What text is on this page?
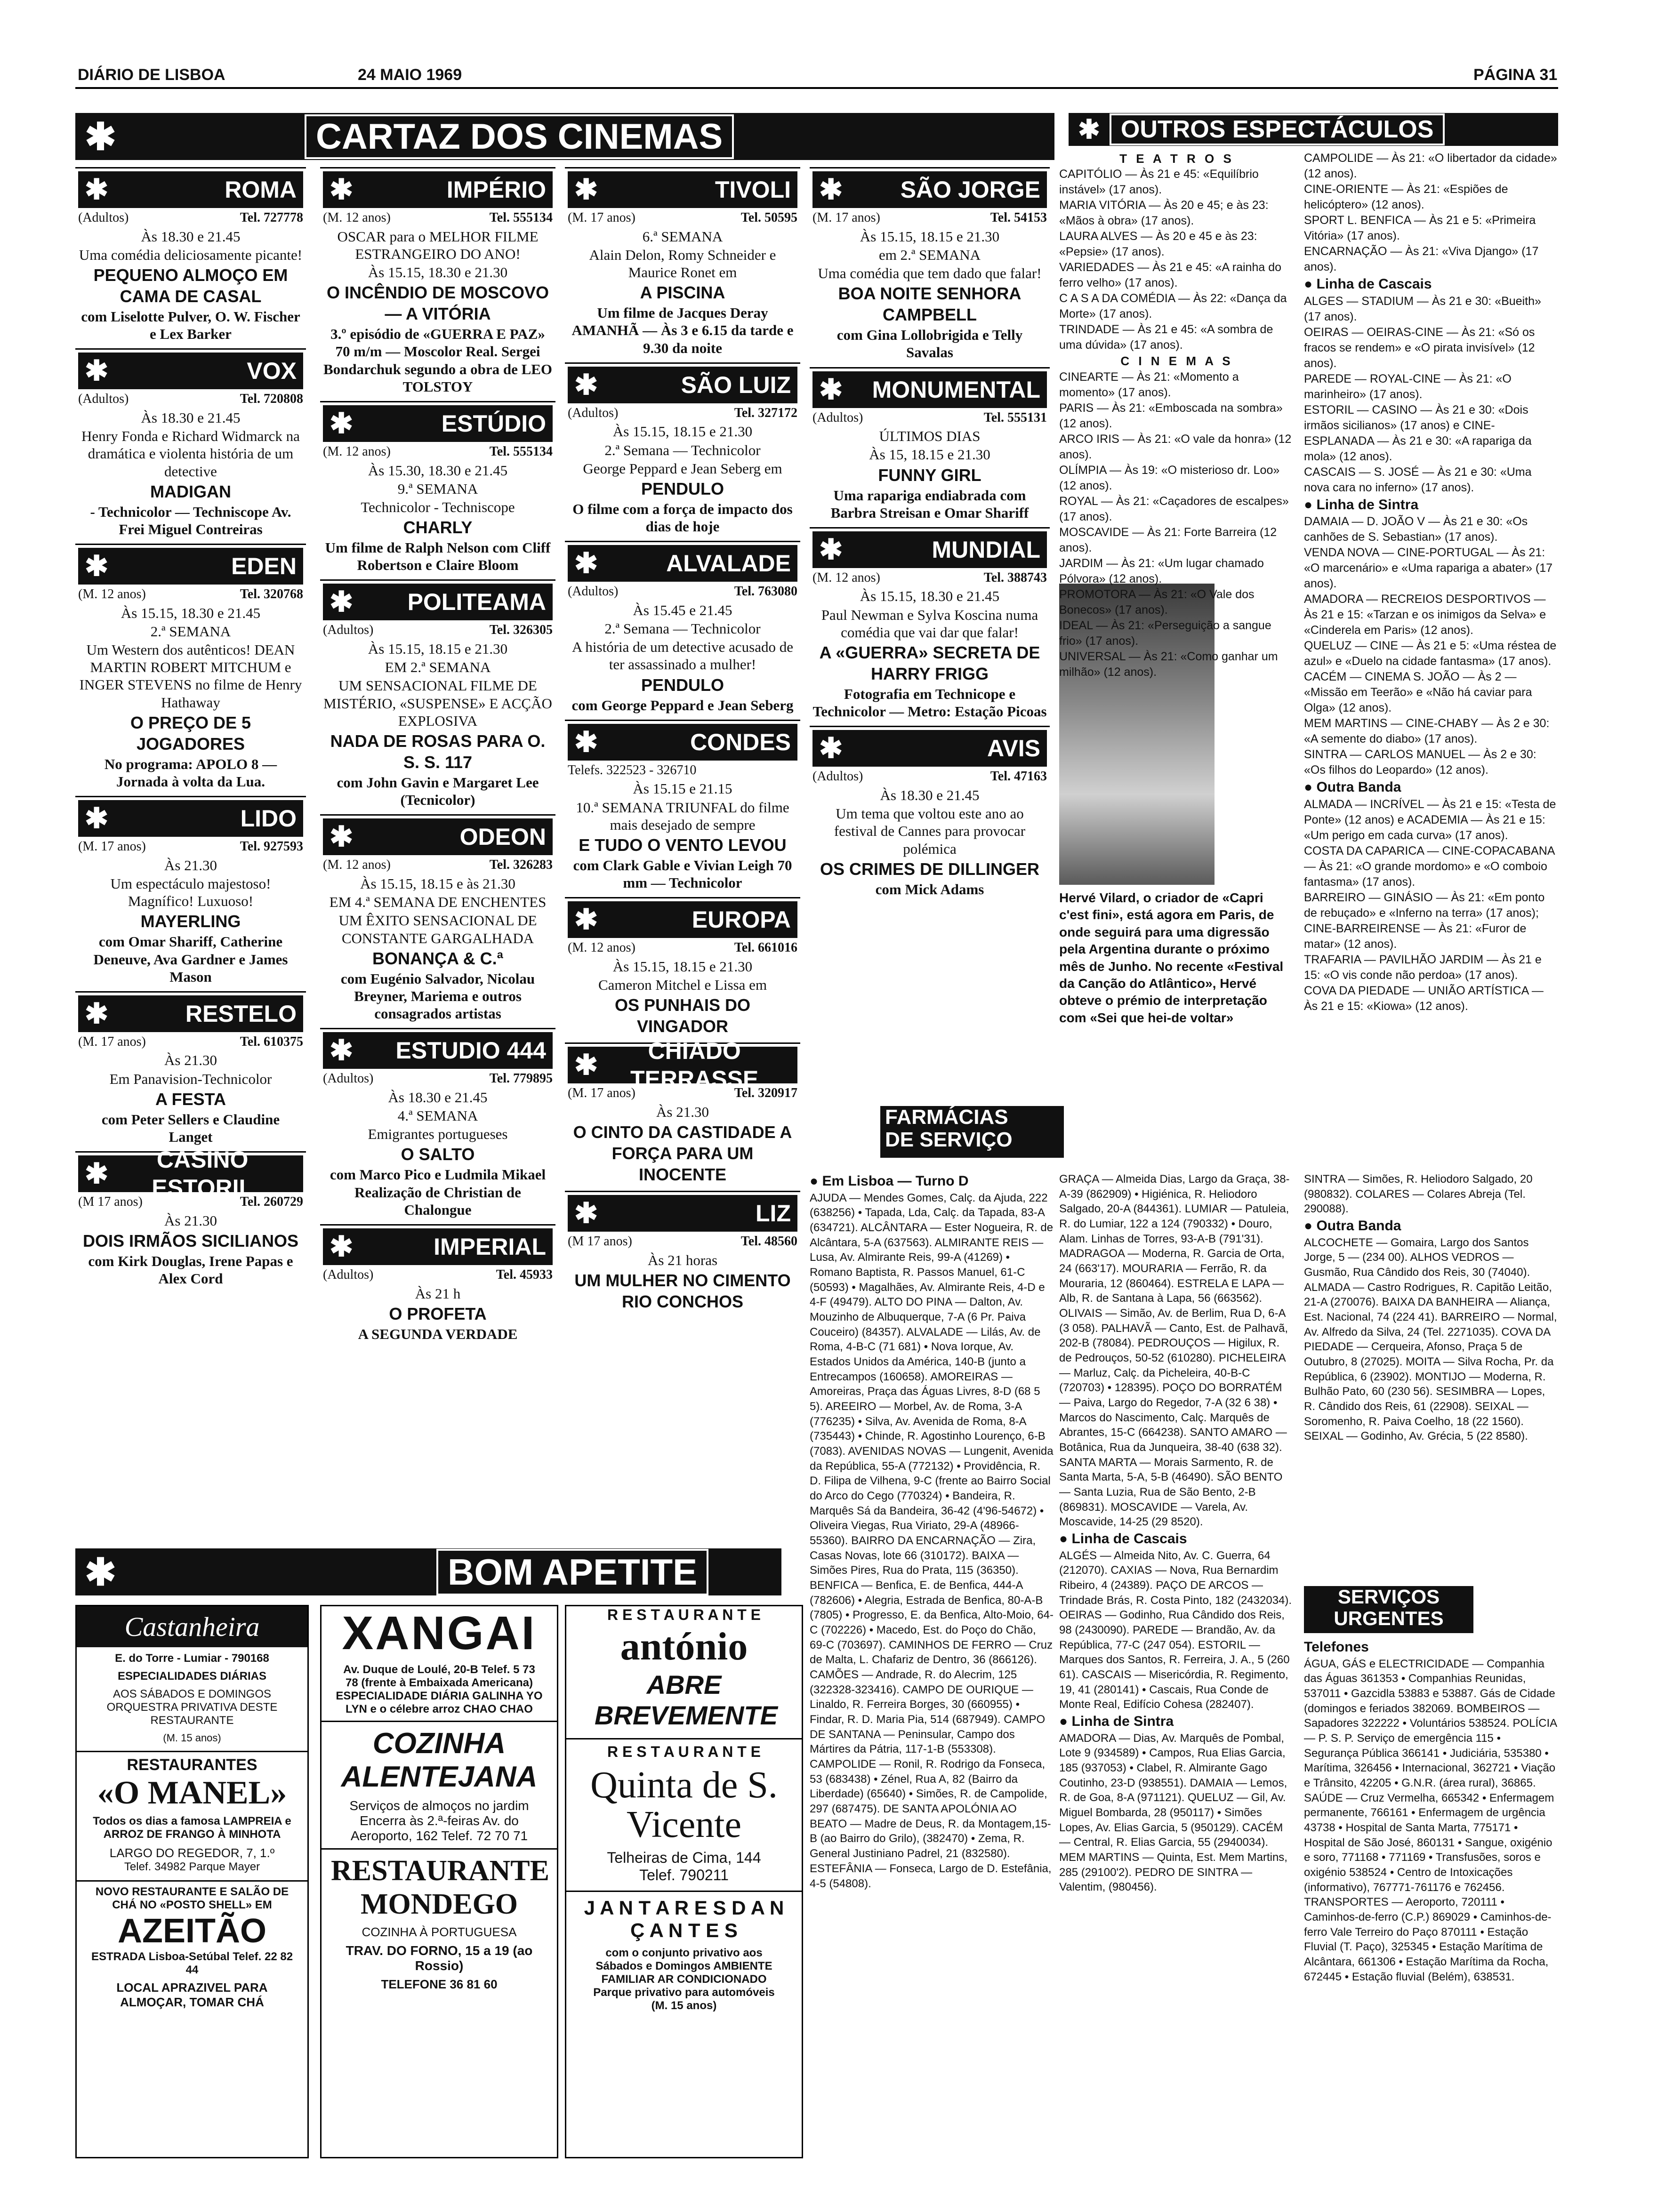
DIÁRIO DE LISBOA	24 MAIO 1969	PÁGINA 31
✱	CARTAZ DOS CINEMAS	✱ OUTROS ESPECTÁCULOS
✱	ROMA
(Adultos)	Tel. 727778
Às 18.30 e 21.45
Uma comédia deliciosamente picante!
PEQUENO ALMOÇO EM CAMA DE CASAL
com Liselotte Pulver, O. W. Fischer e Lex Barker
✱	VOX
(Adultos)	Tel. 720808
Às 18.30 e 21.45
Henry Fonda e Richard Widmarck na dramática e violenta história de um detective
MADIGAN
- Technicolor — Techniscope Av. Frei Miguel Contreiras
✱	EDEN
(M. 12 anos)	Tel. 320768
Às 15.15, 18.30 e 21.45
2.ª SEMANA
Um Western dos autênticos! DEAN MARTIN ROBERT MITCHUM e INGER STEVENS no filme de Henry Hathaway
O PREÇO DE 5 JOGADORES
No programa: APOLO 8 — Jornada à volta da Lua.
✱	LIDO
(M. 17 anos)	Tel. 927593
Às 21.30
Um espectáculo majestoso! Magnífico! Luxuoso!
MAYERLING
com Omar Shariff, Catherine Deneuve, Ava Gardner e James Mason
✱	RESTELO
(M. 17 anos)	Tel. 610375
Às 21.30
Em Panavision-Technicolor
A FESTA
com Peter Sellers e Claudine Langet
✱	CASINO ESTORIL
(M 17 anos)	Tel. 260729
Às 21.30
DOIS IRMÃOS SICILIANOS
com Kirk Douglas, Irene Papas e Alex Cord
✱	IMPÉRIO
(M. 12 anos)	Tel. 555134
OSCAR para o MELHOR FILME ESTRANGEIRO DO ANO!
Às 15.15, 18.30 e 21.30
O INCÊNDIO DE MOSCOVO — A VITÓRIA
3.º episódio de «GUERRA E PAZ» 70 m/m — Moscolor Real. Sergei Bondarchuk segundo a obra de LEO TOLSTOY
✱	ESTÚDIO
(M. 12 anos)	Tel. 555134
Às 15.30, 18.30 e 21.45
9.ª SEMANA
Technicolor - Techniscope
CHARLY
Um filme de Ralph Nelson com Cliff Robertson e Claire Bloom
✱ POLITEAMA
(Adultos)	Tel. 326305
Às 15.15, 18.15 e 21.30
EM 2.ª SEMANA
UM SENSACIONAL FILME DE MISTÉRIO, «SUSPENSE» E ACÇÃO EXPLOSIVA
NADA DE ROSAS PARA O. S. S. 117
com John Gavin e Margaret Lee (Tecnicolor)
✱	ODEON
(M. 12 anos)	Tel. 326283
Às 15.15, 18.15 e às 21.30
EM 4.ª SEMANA DE ENCHENTES
UM ÊXITO SENSACIONAL DE CONSTANTE GARGALHADA
BONANÇA & C.ª
com Eugénio Salvador, Nicolau Breyner, Mariema e outros consagrados artistas
✱ ESTUDIO 444
(Adultos)	Tel. 779895
Às 18.30 e 21.45
4.ª SEMANA
Emigrantes portugueses
O SALTO
com Marco Pico e Ludmila Mikael Realização de Christian de Chalongue
✱	IMPERIAL
(Adultos)	Tel. 45933
Às 21 h
O PROFETA
A SEGUNDA VERDADE
✱	TIVOLI
(M. 17 anos)	Tel. 50595
6.ª SEMANA
Alain Delon, Romy Schneider e Maurice Ronet em
A PISCINA
Um filme de Jacques Deray AMANHÃ — Às 3 e 6.15 da tarde e 9.30 da noite
✱	SÃO LUIZ
(Adultos)	Tel. 327172
Às 15.15, 18.15 e 21.30
2.ª Semana — Technicolor
George Peppard e Jean Seberg em
PENDULO
O filme com a força de impacto dos dias de hoje
✱	ALVALADE
(Adultos)	Tel. 763080
Às 15.45 e 21.45
2.ª Semana — Technicolor
A história de um detective acusado de ter assassinado a mulher!
PENDULO
com George Peppard e Jean Seberg
✱	CONDES
Telefs. 322523 - 326710
Às 15.15 e 21.15
10.ª SEMANA TRIUNFAL do filme mais desejado de sempre
E TUDO O VENTO LEVOU
com Clark Gable e Vivian Leigh 70 mm — Technicolor
✱	EUROPA
(M. 12 anos)	Tel. 661016
Às 15.15, 18.15 e 21.30
Cameron Mitchel e Lissa em
OS PUNHAIS DO VINGADOR
✱	CHIADO TERRASSE
(M. 17 anos)	Tel. 320917
Às 21.30
O CINTO DA CASTIDADE A FORÇA PARA UM INOCENTE
✱	LIZ
(M 17 anos)	Tel. 48560
Às 21 horas
UM MULHER NO CIMENTO RIO CONCHOS
✱ SÃO JORGE
(M. 17 anos)	Tel. 54153
Às 15.15, 18.15 e 21.30
em 2.ª SEMANA
Uma comédia que tem dado que falar!
BOA NOITE SENHORA CAMPBELL
com Gina Lollobrigida e Telly Savalas
✱ MONUMENTAL
(Adultos)	Tel. 555131
ÚLTIMOS DIAS
Às 15, 18.15 e 21.30
FUNNY GIRL
Uma rapariga endiabrada com Barbra Streisan e Omar Shariff
✱	MUNDIAL
(M. 12 anos)	Tel. 388743
Às 15.15, 18.30 e 21.45
Paul Newman e Sylva Koscina numa comédia que vai dar que falar!
A «GUERRA» SECRETA DE HARRY FRIGG
Fotografia em Technicope e Technicolor — Metro: Estação Picoas
✱	AVIS
(Adultos)	Tel. 47163
Às 18.30 e 21.45
Um tema que voltou este ano ao festival de Cannes para provocar polémica
OS CRIMES DE DILLINGER
com Mick Adams

T E A T R O S

CAPITÓLIO — Às 21 e 45: «Equilíbrio instável» (17 anos).

MARIA VITÓRIA — Às 20 e 45; e às 23: «Mãos à obra» (17 anos).

LAURA ALVES — Às 20 e 45 e às 23: «Pepsie» (17 anos).

VARIEDADES — Às 21 e 45: «A rainha do ferro velho» (17 anos).

C A S A DA COMÉDIA — Às 22: «Dança da Morte» (17 anos).

TRINDADE — Às 21 e 45: «A sombra de uma dúvida» (17 anos).

C I N E M A S

CINEARTE — Às 21: «Momento a momento» (17 anos).

PARIS — Às 21: «Emboscada na sombra» (12 anos).

ARCO IRIS — Às 21: «O vale da honra» (12 anos).

OLÍMPIA — Às 19: «O misterioso dr. Loo» (12 anos).

ROYAL — Às 21: «Caçadores de escalpes» (17 anos).

MOSCAVIDE — Às 21: Forte Barreira (12 anos).

JARDIM — Às 21: «Um lugar chamado Pólvora» (12 anos).

PROMOTORA — Às 21: «O Vale dos Bonecos» (17 anos).

IDEAL — Às 21: «Perseguição a sangue frio» (17 anos).

UNIVERSAL — Às 21: «Como ganhar um milhão» (12 anos).

CAMPOLIDE — Às 21: «O libertador da cidade» (12 anos).

CINE-ORIENTE — Às 21: «Espiões de helicóptero» (12 anos).

SPORT L. BENFICA — Às 21 e 5: «Primeira Vitória» (17 anos).

ENCARNAÇÃO — Às 21: «Viva Django» (17 anos).

● Linha de Cascais

ALGES — STADIUM — Às 21 e 30: «Bueith» (17 anos).

OEIRAS — OEIRAS-CINE — Às 21: «Só os fracos se rendem» e «O pirata invisível» (12 anos).

PAREDE — ROYAL-CINE — Às 21: «O marinheiro» (17 anos).

ESTORIL — CASINO — Às 21 e 30: «Dois irmãos sicilianos» (17 anos) e CINE-ESPLANADA — Às 21 e 30: «A rapariga da mola» (12 anos).

CASCAIS — S. JOSÉ — Às 21 e 30: «Uma nova cara no inferno» (17 anos).

● Linha de Sintra

DAMAIA — D. JOÃO V — Às 21 e 30: «Os canhões de S. Sebastian» (17 anos).

VENDA NOVA — CINE-PORTUGAL — Às 21: «O marcenário» e «Uma rapariga a abater» (17 anos).

AMADORA — RECREIOS DESPORTIVOS — Às 21 e 15: «Tarzan e os inimigos da Selva» e «Cinderela em Paris» (12 anos).

QUELUZ — CINE — Às 21 e 5: «Uma réstea de azul» e «Duelo na cidade fantasma» (17 anos).

CACÉM — CINEMA S. JOÃO — Às 2 — «Missão em Teerão» e «Não há caviar para Olga» (12 anos).

MEM MARTINS — CINE-CHABY — Às 2 e 30: «A semente do diabo» (17 anos).

SINTRA — CARLOS MANUEL — Às 2 e 30: «Os filhos do Leopardo» (12 anos).

● Outra Banda

ALMADA — INCRÍVEL — Às 21 e 15: «Testa de Ponte» (12 anos) e ACADEMIA — Às 21 e 15: «Um perigo em cada curva» (17 anos).

COSTA DA CAPARICA — CINE-COPACABANA — Às 21: «O grande mordomo» e «O comboio fantasma» (17 anos).

BARREIRO — GINÁSIO — Às 21: «Em ponto de rebuçado» e «Inferno na terra» (17 anos); CINE-BARREIRENSE — Às 21: «Furor de matar» (12 anos).

TRAFARIA — PAVILHÃO JARDIM — Às 21 e 15: «O vis conde não perdoa» (17 anos).

COVA DA PIEDADE — UNIÃO ARTÍSTICA — Às 21 e 15: «Kiowa» (12 anos).

Hervé Vilard, o criador de «Capri c'est fini», está agora em Paris, de onde seguirá para uma digressão pela Argentina durante o próximo mês de Junho. No recente «Festival da Canção do Atlântico», Hervé obteve o prémio de interpretação com «Sei que hei-de voltar»
FARMÁCIAS
DE SERVIÇO

● Em Lisboa — Turno D

AJUDA — Mendes Gomes, Calç. da Ajuda, 222 (638256) • Tapada, Lda, Calç. da Tapada, 83-A (634721). ALCÂNTARA — Ester Nogueira, R. de Alcântara, 5-A (637563). ALMIRANTE REIS — Lusa, Av. Almirante Reis, 99-A (41269) • Romano Baptista, R. Passos Manuel, 61-C (50593) • Magalhães, Av. Almirante Reis, 4-D e 4-F (49479). ALTO DO PINA — Dalton, Av. Mouzinho de Albuquerque, 7-A (6 Pr. Paiva Couceiro) (84357). ALVALADE — Lilás, Av. de Roma, 4-B-C (71 681) • Nova Iorque, Av. Estados Unidos da América, 140-B (junto a Entrecampos (160658). AMOREIRAS — Amoreiras, Praça das Águas Livres, 8-D (68 5 5). AREEIRO — Morbel, Av. de Roma, 3-A (776235) • Silva, Av. Avenida de Roma, 8-A (735443) • Chinde, R. Agostinho Lourenço, 6-B (7083). AVENIDAS NOVAS — Lungenit, Avenida da República, 55-A (772132) • Providência, R. D. Filipa de Vilhena, 9-C (frente ao Bairro Social do Arco do Cego (770324) • Bandeira, R. Marquês Sá da Bandeira, 36-42 (4'96-54672) • Oliveira Viegas, Rua Viriato, 29-A (48966-55360). BAIRRO DA ENCARNAÇÃO — Zira, Casas Novas, lote 66 (310172). BAIXA — Simões Pires, Rua do Prata, 115 (36350). BENFICA — Benfica, E. de Benfica, 444-A (782606) • Alegria, Estrada de Benfica, 80-A-B (7805) • Progresso, E. da Benfica, Alto-Moio, 64-C (702226) • Macedo, Est. do Poço do Chão, 69-C (703697). CAMINHOS DE FERRO — Cruz de Malta, L. Chafariz de Dentro, 36 (866126). CAMÕES — Andrade, R. do Alecrim, 125 (322328-323416). CAMPO DE OURIQUE — Linaldo, R. Ferreira Borges, 30 (660955) • Findar, R. D. Maria Pia, 514 (687949). CAMPO DE SANTANA — Peninsular, Campo dos Mártires da Pátria, 117-1-B (553308). CAMPOLIDE — Ronil, R. Rodrigo da Fonseca, 53 (683438) • Zénel, Rua A, 82 (Bairro da Liberdade) (65640) • Simões, R. de Campolide, 297 (687475). DE SANTA APOLÓNIA AO BEATO — Madre de Deus, R. da Montagem,15-B (ao Bairro do Grilo), (382470) • Zema, R. General Justiniano Padrel, 21 (832580). ESTEFÂNIA — Fonseca, Largo de D. Estefânia, 4-5 (54808).

GRAÇA — Almeida Dias, Largo da Graça, 38-A-39 (862909) • Higiénica, R. Heliodoro Salgado, 20-A (844361). LUMIAR — Patuleia, R. do Lumiar, 122 a 124 (790332) • Douro, Alam. Linhas de Torres, 93-A-B (791'31). MADRAGOA — Moderna, R. Garcia de Orta, 24 (663'17). MOURARIA — Ferrão, R. da Mouraria, 12 (860464). ESTRELA E LAPA — Alb, R. de Santana à Lapa, 56 (663562). OLIVAIS — Simão, Av. de Berlim, Rua D, 6-A (3 058). PALHAVÃ — Canto, Est. de Palhavã, 202-B (78084). PEDROUÇOS — Higilux, R. de Pedrouços, 50-52 (610280). PICHELEIRA — Marluz, Calç. da Picheleira, 40-B-C (720703) • 128395). POÇO DO BORRATÉM — Paiva, Largo do Regedor, 7-A (32 6 38) • Marcos do Nascimento, Calç. Marquês de Abrantes, 15-C (664238). SANTO AMARO — Botânica, Rua da Junqueira, 38-40 (638 32). SANTA MARTA — Morais Sarmento, R. de Santa Marta, 5-A, 5-B (46490). SÃO BENTO — Santa Luzia, Rua de São Bento, 2-B (869831). MOSCAVIDE — Varela, Av. Moscavide, 14-25 (29 8520).

● Linha de Cascais

ALGÉS — Almeida Nito, Av. C. Guerra, 64 (212070). CAXIAS — Nova, Rua Bernardim Ribeiro, 4 (24389). PAÇO DE ARCOS — Trindade Brás, R. Costa Pinto, 182 (2432034). OEIRAS — Godinho, Rua Cândido dos Reis, 98 (2430090). PAREDE — Brandão, Av. da República, 77-C (247 054). ESTORIL — Marques dos Santos, R. Ferreira, J. A., 5 (260 61). CASCAIS — Misericórdia, R. Regimento, 19, 41 (280141) • Cascais, Rua Conde de Monte Real, Edifício Cohesa (282407).

● Linha de Sintra

AMADORA — Dias, Av. Marquês de Pombal, Lote 9 (934589) • Campos, Rua Elias Garcia, 185 (937053) • Clabel, R. Almirante Gago Coutinho, 23-D (938551). DAMAIA — Lemos, R. de Goa, 8-A (971121). QUELUZ — Gil, Av. Miguel Bombarda, 28 (950117) • Simões Lopes, Av. Elias Garcia, 5 (950129). CACÉM — Central, R. Elias Garcia, 55 (2940034). MEM MARTINS — Quinta, Est. Mem Martins, 285 (29100'2). PEDRO DE SINTRA — Valentim, (980456).

SINTRA — Simões, R. Heliodoro Salgado, 20 (980832). COLARES — Colares Abreja (Tel. 290088).

● Outra Banda

ALCOCHETE — Gomaira, Largo dos Santos Jorge, 5 — (234 00). ALHOS VEDROS — Gusmão, Rua Cândido dos Reis, 30 (74040). ALMADA — Castro Rodrigues, R. Capitão Leitão, 21-A (270076). BAIXA DA BANHEIRA — Aliança, Est. Nacional, 74 (224 41). BARREIRO — Normal, Av. Alfredo da Silva, 24 (Tel. 2271035). COVA DA PIEDADE — Cerqueira, Afonso, Praça 5 de Outubro, 8 (27025). MOITA — Silva Rocha, Pr. da República, 6 (23902). MONTIJO — Moderna, R. Bulhão Pato, 60 (230 56). SESIMBRA — Lopes, R. Cândido dos Reis, 61 (22908). SEIXAL — Soromenho, R. Paiva Coelho, 18 (22 1560). SEIXAL — Godinho, Av. Grécia, 5 (22 8580).

SERVIÇOS
URGENTES

Telefones

ÁGUA, GÁS e ELECTRICIDADE — Companhia das Águas 361353 • Companhias Reunidas, 537011 • Gazcidla 53883 e 53887. Gás de Cidade (domingos e feriados 382069. BOMBEIROS — Sapadores 322222 • Voluntários 538524. POLÍCIA — P. S. P. Serviço de emergência 115 • Segurança Pública 366141 • Judiciária, 535380 • Marítima, 326456 • Internacional, 362721 • Viação e Trânsito, 42205 • G.N.R. (área rural), 36865. SAÚDE — Cruz Vermelha, 665342 • Enfermagem permanente, 766161 • Enfermagem de urgência 43738 • Hospital de Santa Marta, 775171 • Hospital de São José, 860131 • Sangue, oxigénio e soro, 771168 • 771169 • Transfusões, soros e oxigénio 538524 • Centro de Intoxicações (informativo), 767771-761176 e 762456. TRANSPORTES — Aeroporto, 720111 • Caminhos-de-ferro (C.P.) 869029 • Caminhos-de-ferro Vale Terreiro do Paço 870111 • Estação Fluvial (T. Paço), 325345 • Estação Marítima de Alcântara, 661306 • Estação Marítima da Rocha, 672445 • Estação fluvial (Belém), 638531.

✱	BOM APETITE
Castanheira
E. do Torre - Lumiar - 790168
ESPECIALIDADES DIÁRIAS
AOS SÁBADOS E DOMINGOS ORQUESTRA PRIVATIVA DESTE RESTAURANTE
(M. 15 anos)
RESTAURANTES
«O MANEL»
Todos os dias a famosa LAMPREIA e ARROZ DE FRANGO À MINHOTA
LARGO DO REGEDOR, 7, 1.º
Telef. 34982 Parque Mayer
NOVO RESTAURANTE E SALÃO DE CHÁ NO «POSTO SHELL» EM
AZEITÃO
ESTRADA Lisboa-Setúbal Telef. 22 82 44
LOCAL APRAZIVEL PARA ALMOÇAR, TOMAR CHÁ
XANGAI
Av. Duque de Loulé, 20-B Telef. 5 73 78 (frente à Embaixada Americana) ESPECIALIDADE DIÁRIA GALINHA YO LYN e o célebre arroz CHAO CHAO
COZINHA ALENTEJANA
Serviços de almoços no jardim Encerra às 2.ª-feiras Av. do Aeroporto, 162 Telef. 72 70 71
RESTAURANTE MONDEGO
COZINHA À PORTUGUESA
TRAV. DO FORNO, 15 a 19 (ao Rossio)
TELEFONE 36 81 60
R E S T A U R A N T E
antónio
ABRE BREVEMENTE
R E S T A U R A N T E
Quinta de S. Vicente
Telheiras de Cima, 144
Telef. 790211
J A N T A R E S D A N Ç A N T E S
com o conjunto privativo aos Sábados e Domingos AMBIENTE FAMILIAR AR CONDICIONADO Parque privativo para automóveis (M. 15 anos)
